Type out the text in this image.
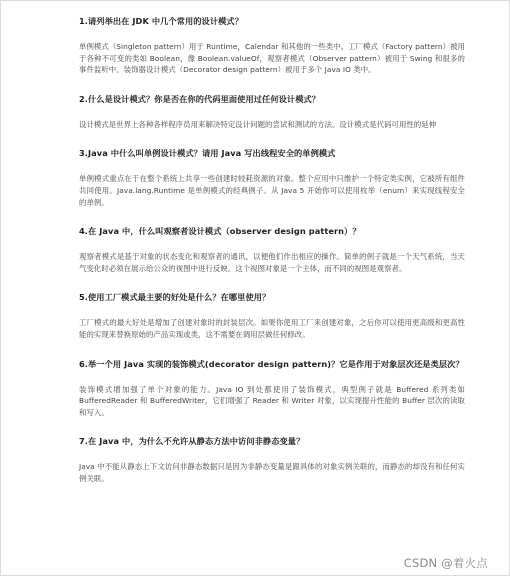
1.请列举出在 JDK 中几个常用的设计模式？

单例模式（Singleton pattern）用于 Runtime，Calendar 和其他的一些类中。工厂模式（Factory pattern）被用于各种不可变的类如 Boolean，像 Boolean.valueOf，观察者模式（Observer pattern）被用于 Swing 和很多的事件监听中。装饰器设计模式（Decorator design pattern）被用于多个 Java IO 类中。

2.什么是设计模式？你是否在你的代码里面使用过任何设计模式？

设计模式是世界上各种各样程序员用来解决特定设计问题的尝试和测试的方法。设计模式是代码可用性的延伸

3.Java 中什么叫单例设计模式？请用 Java 写出线程安全的单例模式

单例模式重点在于在整个系统上共享一些创建时较耗资源的对象。整个应用中只维护一个特定类实例，它被所有组件共同使用。Java.lang.Runtime 是单例模式的经典例子。从 Java 5 开始你可以使用枚举（enum）来实现线程安全的单例。

4.在 Java 中，什么叫观察者设计模式（observer design pattern）？

观察者模式是基于对象的状态变化和观察者的通讯，以便他们作出相应的操作。简单的例子就是一个天气系统，当天气变化时必须在展示给公众的视图中进行反映。这个视图对象是一个主体，而不同的视图是观察者。

5.使用工厂模式最主要的好处是什么？在哪里使用？

工厂模式的最大好处是增加了创建对象时的封装层次。如果你使用工厂来创建对象，之后你可以使用更高级和更高性能的实现来替换原始的产品实现或类，这不需要在调用层做任何修改。

6.举一个用 Java 实现的装饰模式(decorator design pattern)？它是作用于对象层次还是类层次？

装饰模式增加强了单个对象的能力。Java IO 到处都使用了装饰模式，典型例子就是 Buffered 系列类如 BufferedReader 和 BufferedWriter，它们增强了 Reader 和 Writer 对象，以实现提升性能的 Buffer 层次的读取和写入。

7.在 Java 中，为什么不允许从静态方法中访问非静态变量？

Java 中不能从静态上下文访问非静态数据只是因为非静态变量是跟具体的对象实例关联的，而静态的却没有和任何实例关联。

CSDN @着火点
